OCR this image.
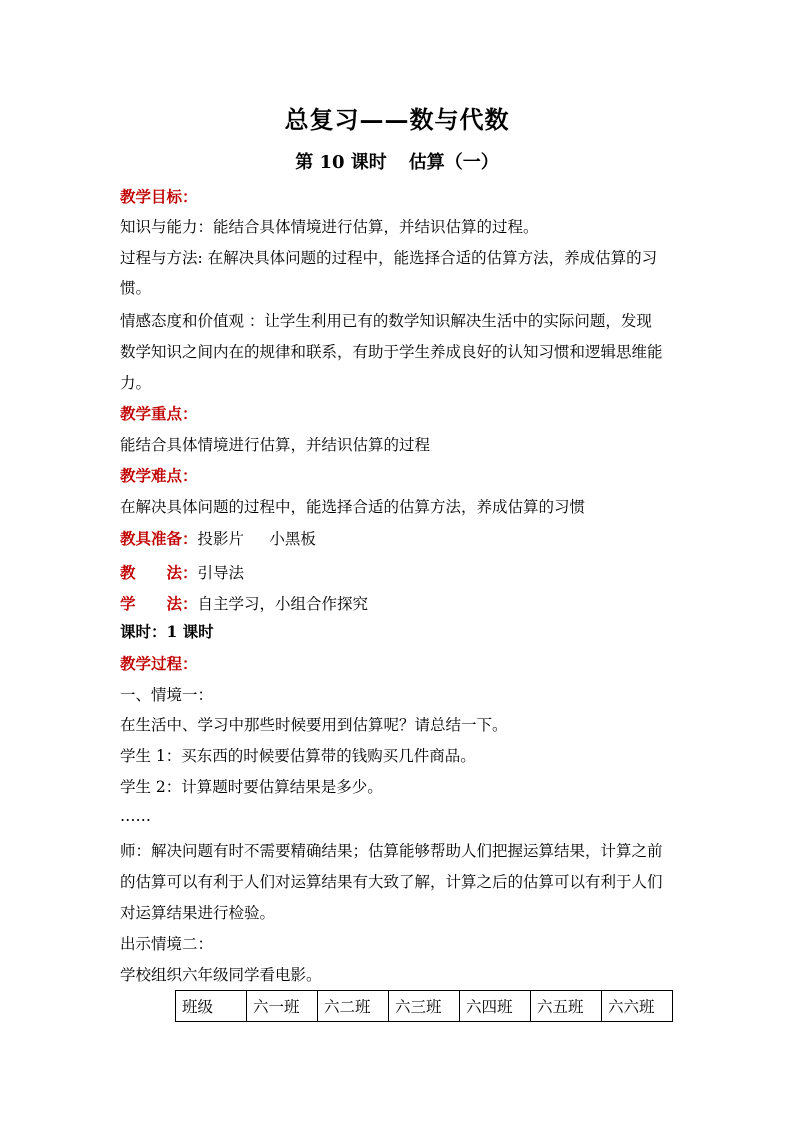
总复习——数与代数
第 10 课时 估算（一）
教学目标：
知识与能力：能结合具体情境进行估算，并结识估算的过程。
过程与方法: 在解决具体问题的过程中，能选择合适的估算方法，养成估算的习
惯。
情感态度和价值观 ：让学生利用已有的数学知识解决生活中的实际问题，发现
数学知识之间内在的规律和联系，有助于学生养成良好的认知习惯和逻辑思维能
力。
教学重点：
能结合具体情境进行估算，并结识估算的过程
教学难点：
在解决具体问题的过程中，能选择合适的估算方法，养成估算的习惯
教具准备：投影片　  小黑板
教　　法：引导法
学　　法：自主学习，小组合作探究
课时：1 课时
教学过程：
一、情境一：
在生活中、学习中那些时候要用到估算呢？请总结一下。
学生 1：买东西的时候要估算带的钱购买几件商品。
学生 2：计算题时要估算结果是多少。
……
师：解决问题有时不需要精确结果；估算能够帮助人们把握运算结果，计算之前
的估算可以有利于人们对运算结果有大致了解，计算之后的估算可以有利于人们
对运算结果进行检验。
出示情境二：
学校组织六年级同学看电影。
班级	六一班	六二班	六三班	六四班	六五班	六六班
